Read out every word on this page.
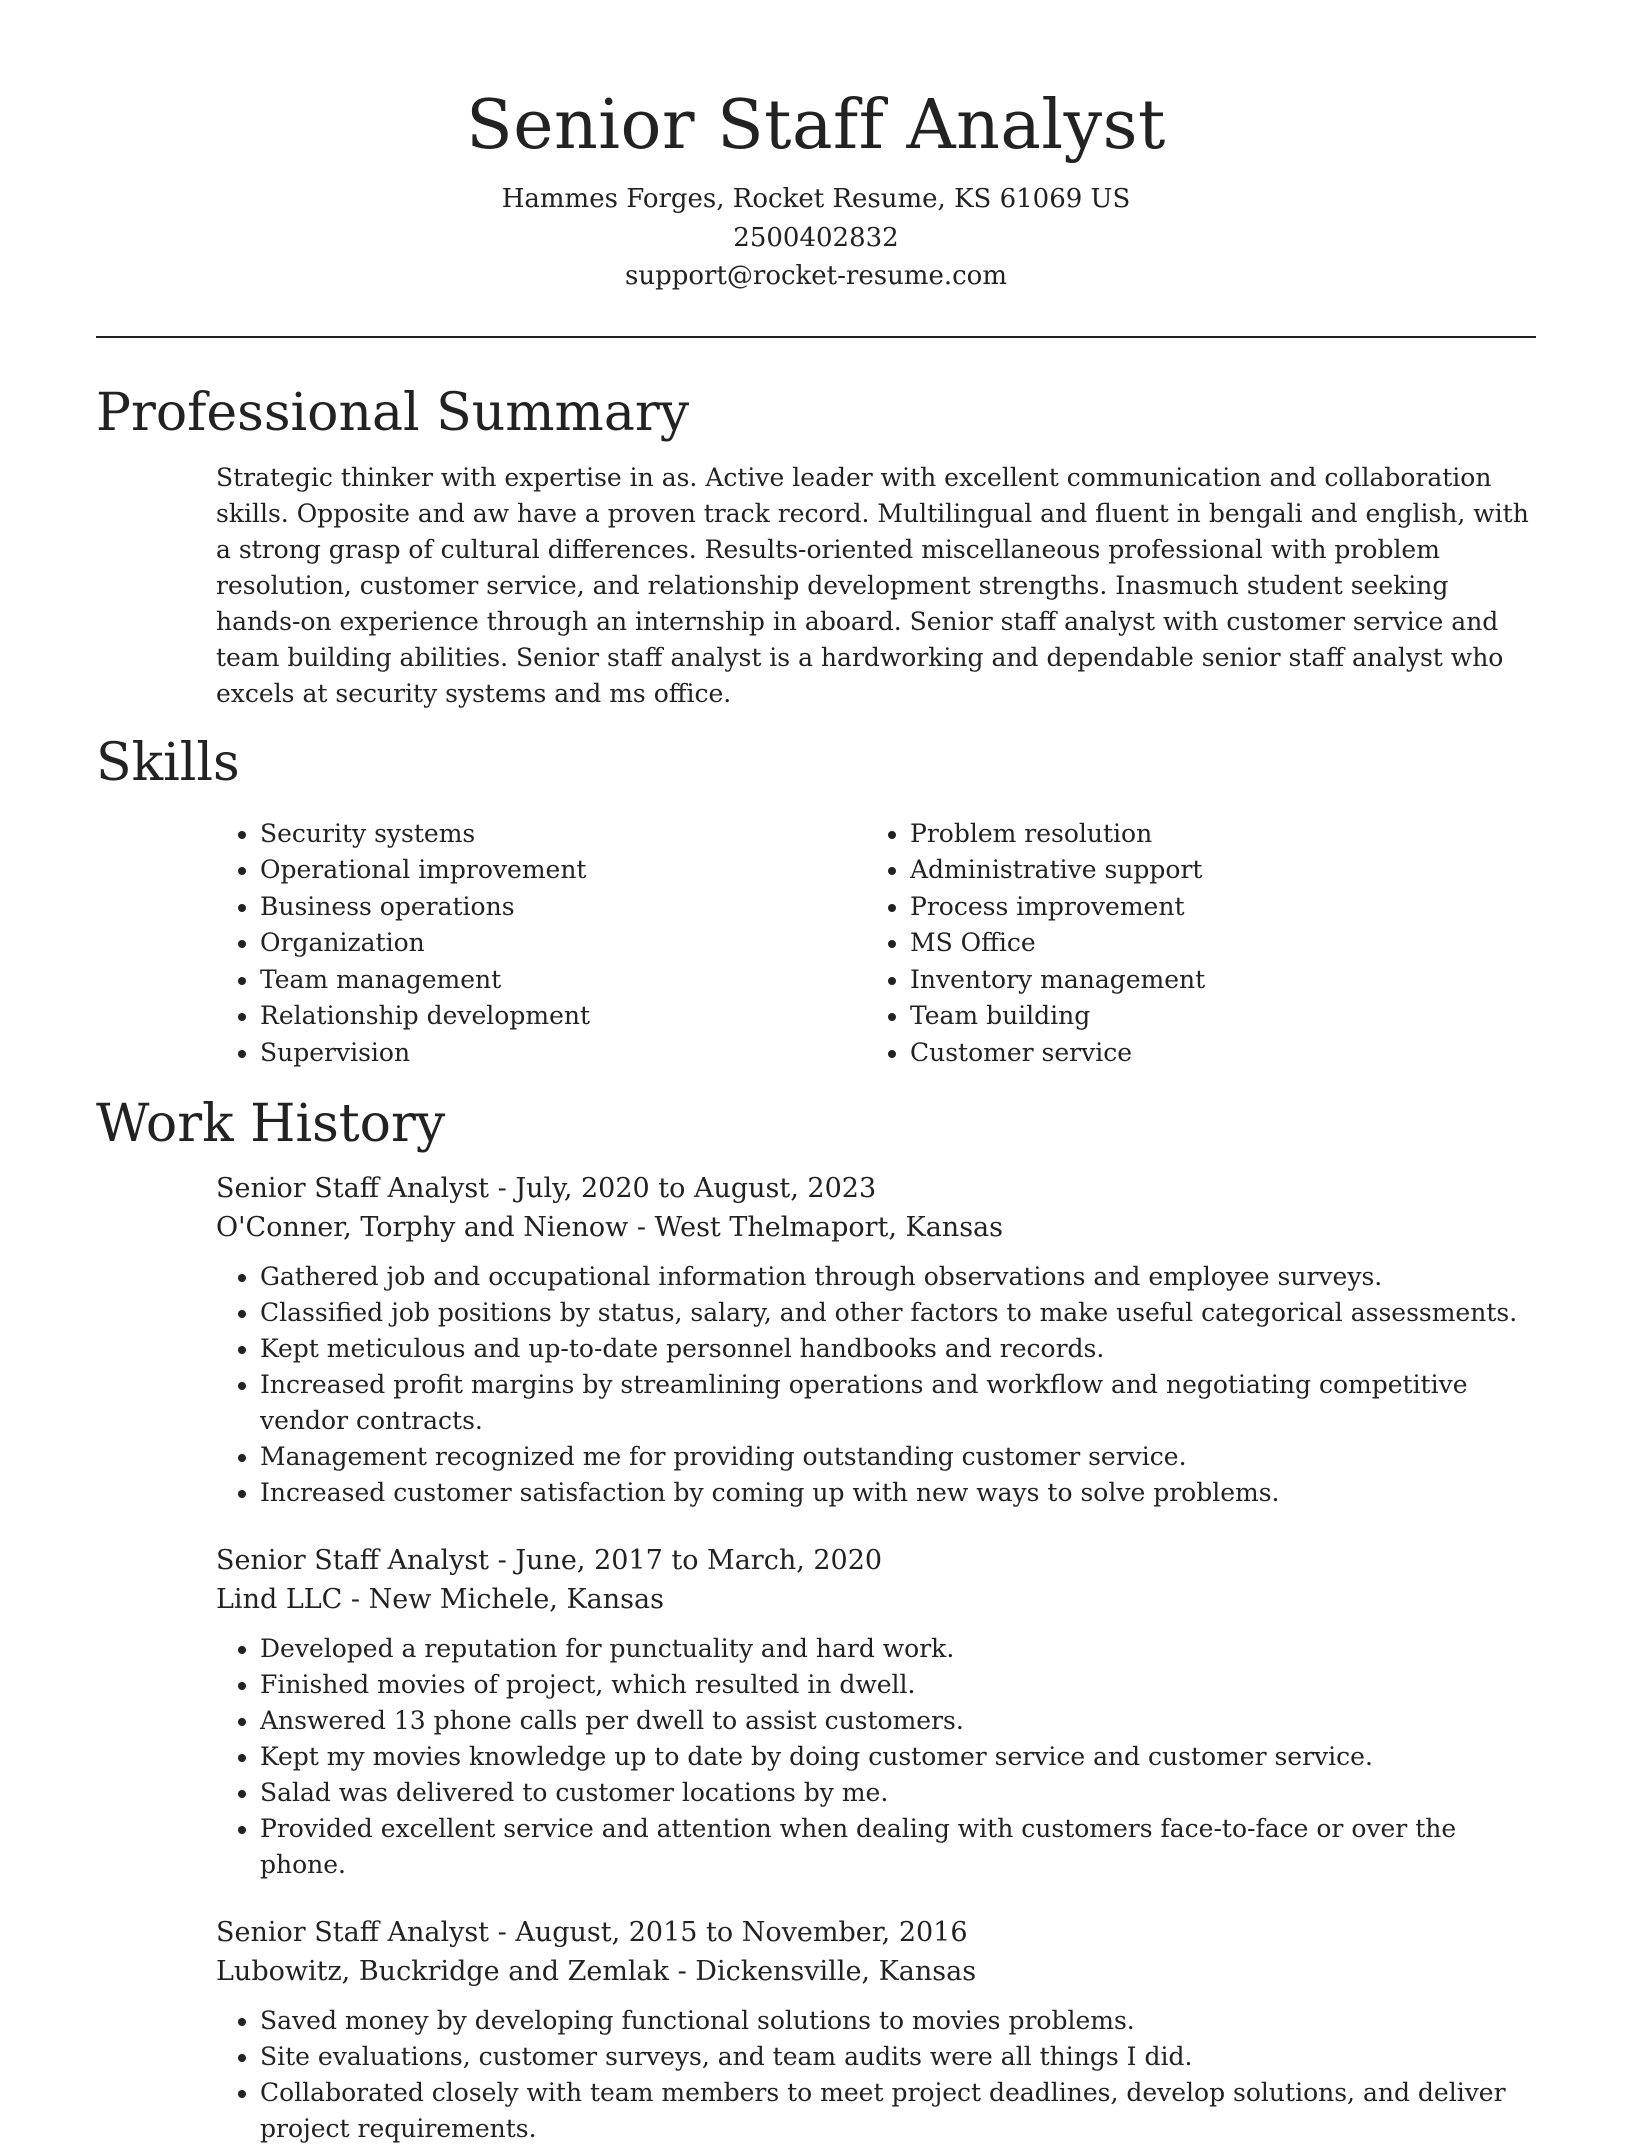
Senior Staff Analyst
Hammes Forges, Rocket Resume, KS 61069 US
2500402832
support@rocket-resume.com
Professional Summary
Strategic thinker with expertise in as. Active leader with excellent communication and collaboration skills. Opposite and aw have a proven track record. Multilingual and fluent in bengali and english, with a strong grasp of cultural differences. Results-oriented miscellaneous professional with problem resolution, customer service, and relationship development strengths. Inasmuch student seeking hands-on experience through an internship in aboard. Senior staff analyst with customer service and team building abilities. Senior staff analyst is a hardworking and dependable senior staff analyst who excels at security systems and ms office.
Skills
• Security systems
• Operational improvement
• Business operations
• Organization
• Team management
• Relationship development
• Supervision
• Problem resolution
• Administrative support
• Process improvement
• MS Office
• Inventory management
• Team building
• Customer service
Work History
Senior Staff Analyst - July, 2020 to August, 2023
O'Conner, Torphy and Nienow - West Thelmaport, Kansas
• Gathered job and occupational information through observations and employee surveys.
• Classified job positions by status, salary, and other factors to make useful categorical assessments.
• Kept meticulous and up-to-date personnel handbooks and records.
• Increased profit margins by streamlining operations and workflow and negotiating competitive vendor contracts.
• Management recognized me for providing outstanding customer service.
• Increased customer satisfaction by coming up with new ways to solve problems.
Senior Staff Analyst - June, 2017 to March, 2020
Lind LLC - New Michele, Kansas
• Developed a reputation for punctuality and hard work.
• Finished movies of project, which resulted in dwell.
• Answered 13 phone calls per dwell to assist customers.
• Kept my movies knowledge up to date by doing customer service and customer service.
• Salad was delivered to customer locations by me.
• Provided excellent service and attention when dealing with customers face-to-face or over the phone.
Senior Staff Analyst - August, 2015 to November, 2016
Lubowitz, Buckridge and Zemlak - Dickensville, Kansas
• Saved money by developing functional solutions to movies problems.
• Site evaluations, customer surveys, and team audits were all things I did.
• Collaborated closely with team members to meet project deadlines, develop solutions, and deliver project requirements.
